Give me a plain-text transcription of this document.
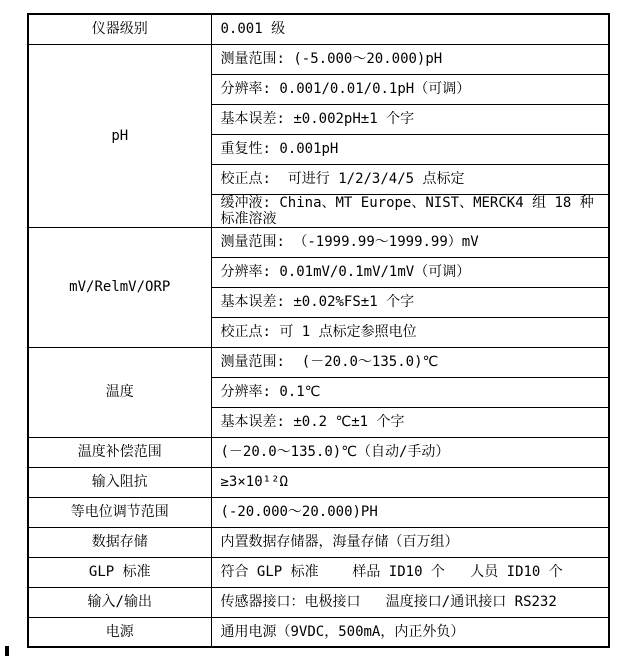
仪器级别	0.001 级
pH	测量范围: (-5.000～20.000)pH
	分辨率: 0.001/0.01/0.1pH（可调）
	基本误差: ±0.002pH±1 个字
	重复性: 0.001pH
	校正点:  可进行 1/2/3/4/5 点标定
	缓冲液: China、MT Europe、NIST、MERCK4 组 18 种标准溶液
mV/RelmV/ORP	测量范围: （-1999.99～1999.99）mV
	分辨率: 0.01mV/0.1mV/1mV（可调）
	基本误差: ±0.02%FS±1 个字
	校正点: 可 1 点标定参照电位
温度	测量范围:  (－20.0～135.0)℃
	分辨率: 0.1℃
	基本误差: ±0.2 ℃±1 个字
温度补偿范围	(－20.0～135.0)℃（自动/手动）
输入阻抗	≥3×10¹²Ω
等电位调节范围	(-20.000～20.000)PH
数据存储	内置数据存储器，海量存储（百万组）
GLP 标准	符合 GLP 标准    样品 ID10 个   人员 ID10 个
输入/输出	传感器接口：电极接口   温度接口/通讯接口 RS232
电源	通用电源（9VDC，500mA，内正外负）
